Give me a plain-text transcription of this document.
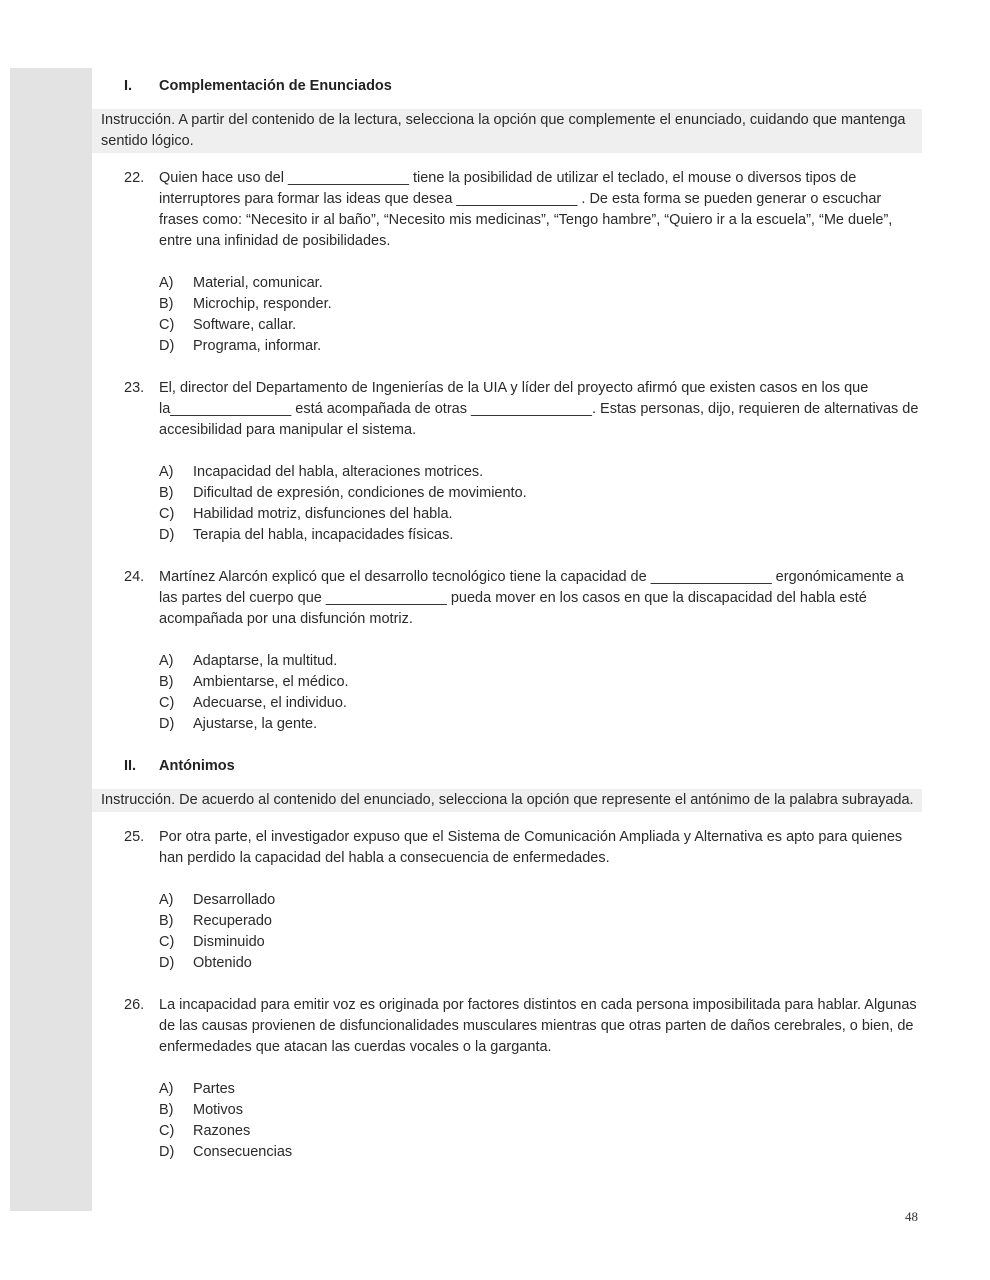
I.	Complementación de Enunciados
Instrucción. A partir del contenido de la lectura, selecciona la opción que complemente el enunciado, cuidando que mantenga sentido lógico.
22.	Quien hace uso del _______________ tiene la posibilidad de utilizar el teclado, el mouse o diversos tipos de interruptores para formar las ideas que desea _______________ . De esta forma se pueden generar o escuchar frases como: “Necesito ir al baño”, “Necesito mis medicinas”, “Tengo hambre”, “Quiero ir a la escuela”, “Me duele”, entre una infinidad de posibilidades.
A)	Material, comunicar.
B)	Microchip, responder.
C)	Software, callar.
D)	Programa, informar.
23.	El, director del Departamento de Ingenierías de la UIA y líder del proyecto afirmó que existen casos en los que la_______________ está acompañada de otras _______________. Estas personas, dijo, requieren de alternativas de accesibilidad para manipular el sistema.
A)	Incapacidad del habla, alteraciones motrices.
B)	Dificultad de expresión, condiciones de movimiento.
C)	Habilidad motriz, disfunciones del habla.
D)	Terapia del habla, incapacidades físicas.
24.	Martínez Alarcón explicó que el desarrollo tecnológico tiene la capacidad de _______________ ergonómicamente a las partes del cuerpo que _______________ pueda mover en los casos en que la discapacidad del habla esté acompañada por una disfunción motriz.
A)	Adaptarse, la multitud.
B)	Ambientarse, el médico.
C)	Adecuarse, el individuo.
D)	Ajustarse, la gente.
II.	Antónimos
Instrucción. De acuerdo al contenido del enunciado, selecciona la opción que represente el antónimo de la palabra subrayada.
25.	Por otra parte, el investigador expuso que el Sistema de Comunicación Ampliada y Alternativa es apto para quienes han perdido la capacidad del habla a consecuencia de enfermedades.
A)	Desarrollado
B)	Recuperado
C)	Disminuido
D)	Obtenido
26.	La incapacidad para emitir voz es originada por factores distintos en cada persona imposibilitada para hablar. Algunas de las causas provienen de disfuncionalidades musculares mientras que otras parten de daños cerebrales, o bien, de enfermedades que atacan las cuerdas vocales o la garganta.
A)	Partes
B)	Motivos
C)	Razones
D)	Consecuencias
48
